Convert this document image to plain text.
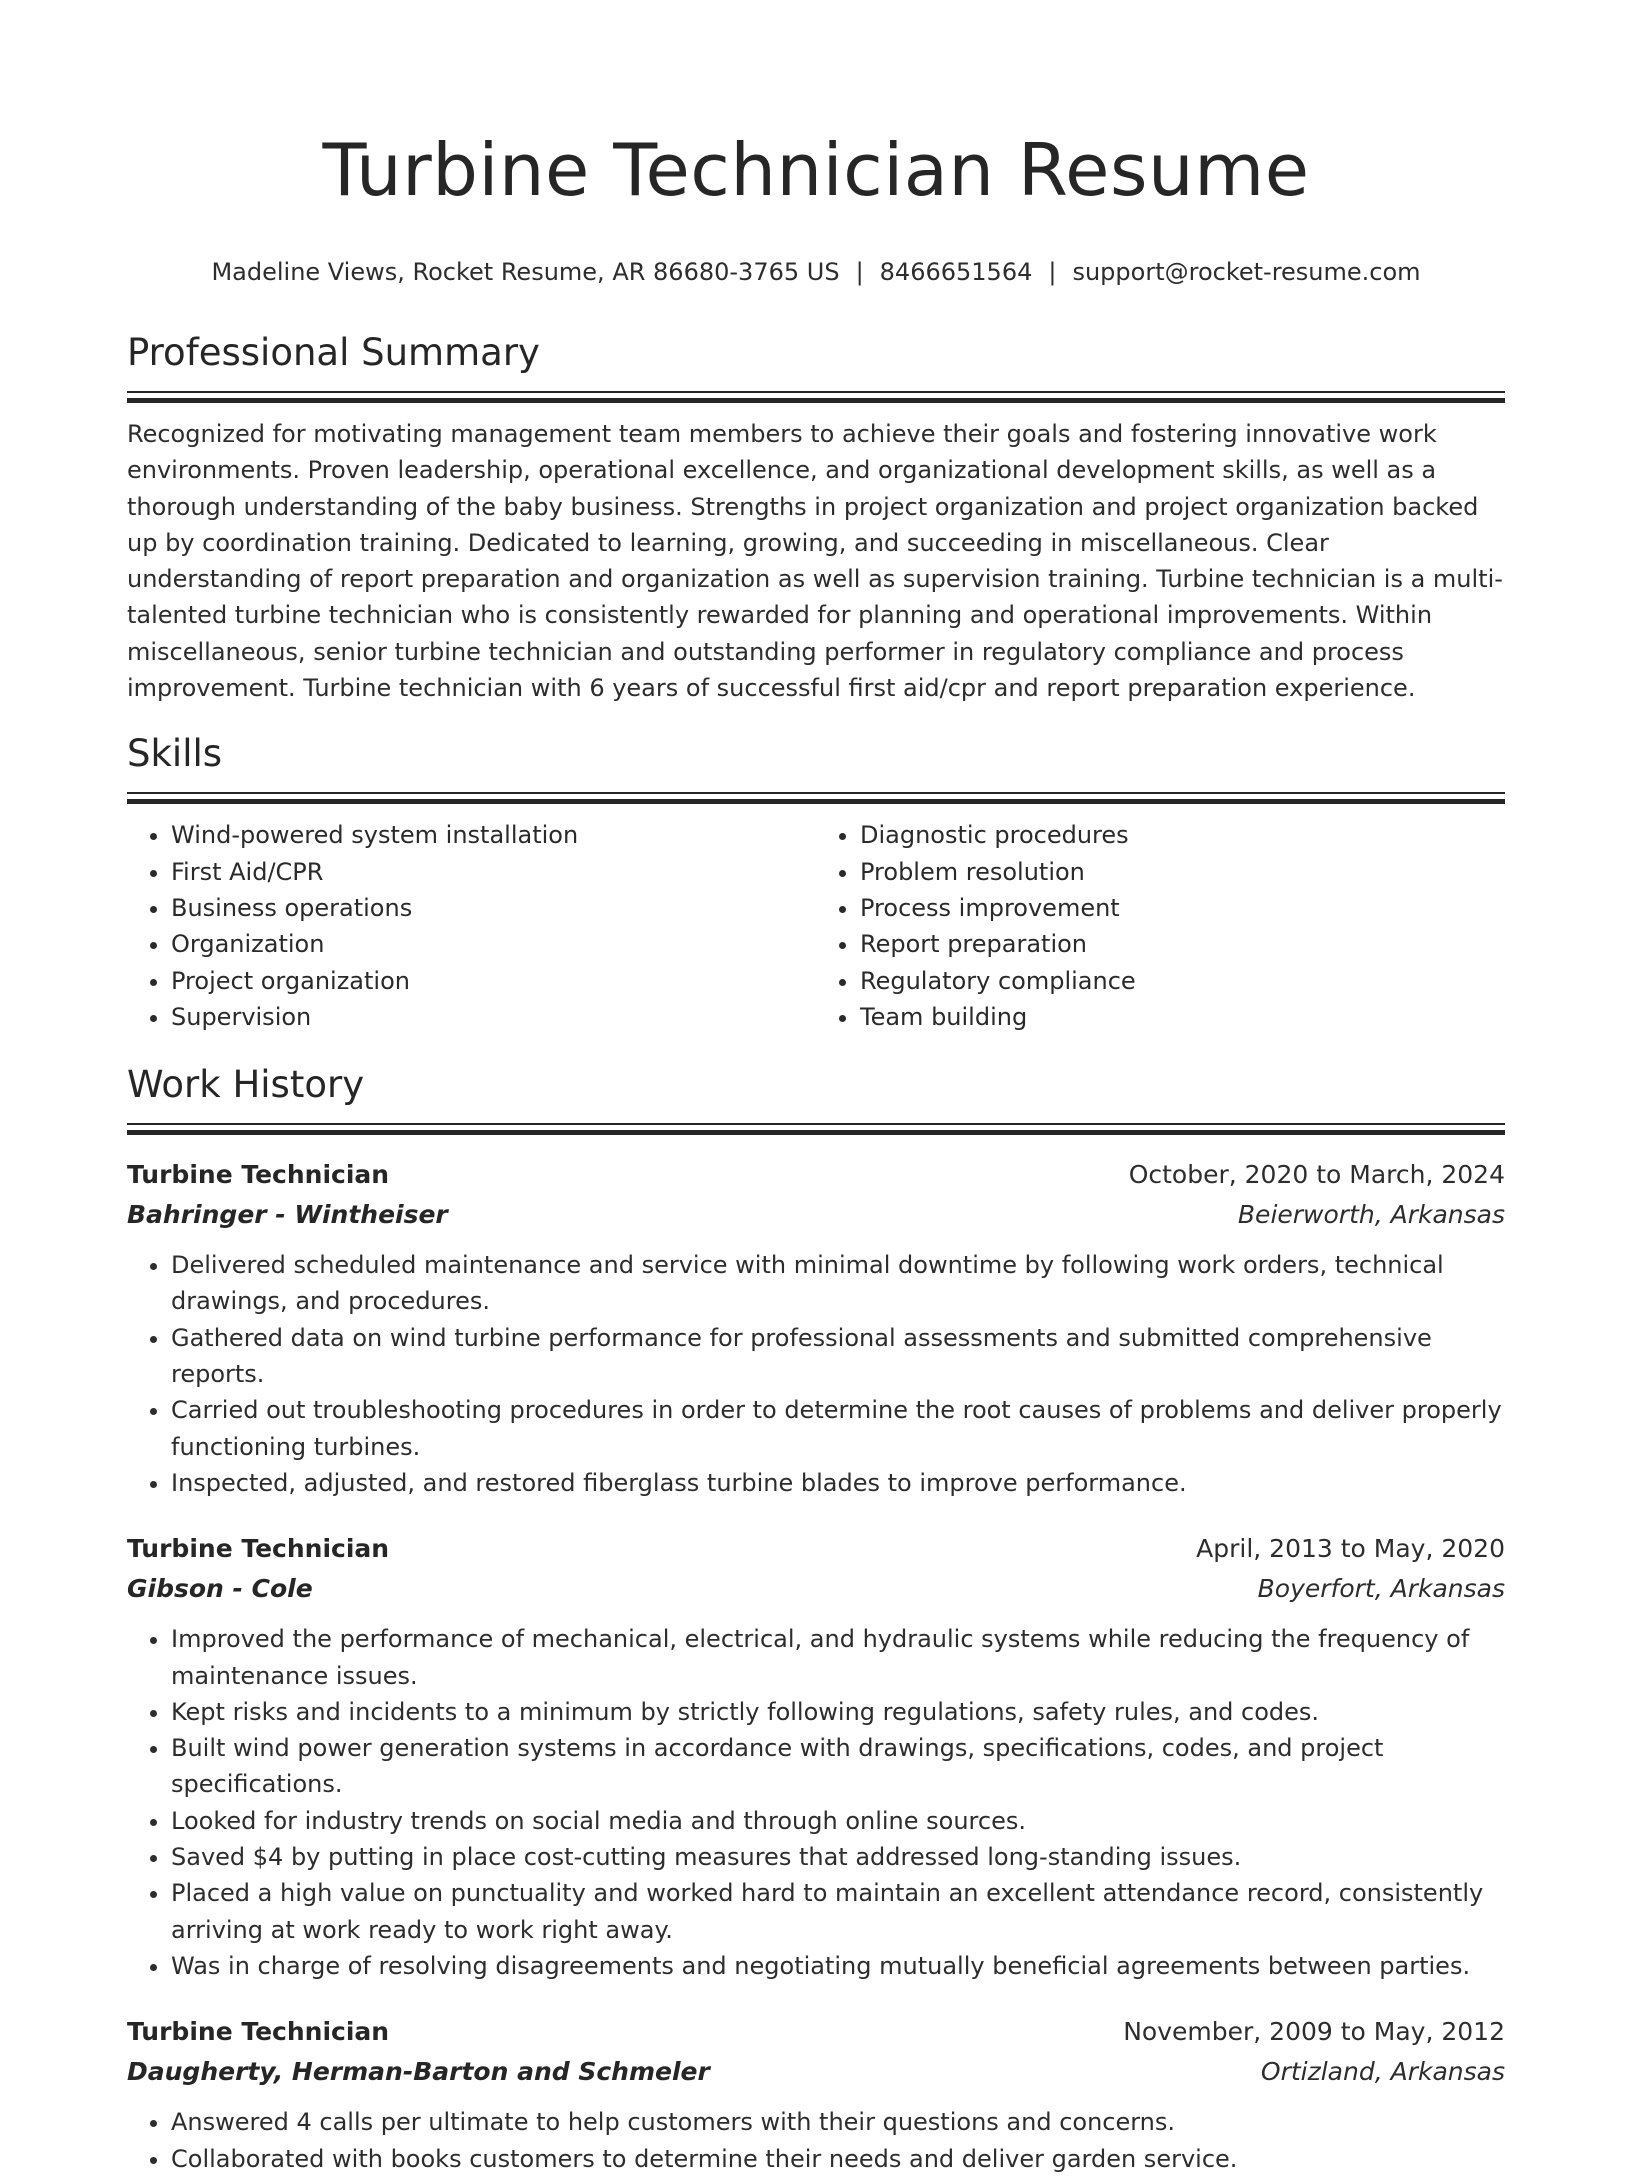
Turbine Technician Resume
Madeline Views, Rocket Resume, AR 86680-3765 US | 8466651564 | support@rocket-resume.com
Professional Summary

Recognized for motivating management team members to achieve their goals and fostering innovative work environments. Proven leadership, operational excellence, and organizational development skills, as well as a thorough understanding of the baby business. Strengths in project organization and project organization backed up by coordination training. Dedicated to learning, growing, and succeeding in miscellaneous. Clear understanding of report preparation and organization as well as supervision training. Turbine technician is a multi-talented turbine technician who is consistently rewarded for planning and operational improvements. Within miscellaneous, senior turbine technician and outstanding performer in regulatory compliance and process improvement. Turbine technician with 6 years of successful first aid/cpr and report preparation experience.

Skills
• Wind-powered system installation
• First Aid/CPR
• Business operations
• Organization
• Project organization
• Supervision
• Diagnostic procedures
• Problem resolution
• Process improvement
• Report preparation
• Regulatory compliance
• Team building
Work History
Turbine Technician	October, 2020 to March, 2024
Bahringer - Wintheiser	Beierworth, Arkansas
• Delivered scheduled maintenance and service with minimal downtime by following work orders, technical drawings, and procedures.
• Gathered data on wind turbine performance for professional assessments and submitted comprehensive reports.
• Carried out troubleshooting procedures in order to determine the root causes of problems and deliver properly functioning turbines.
• Inspected, adjusted, and restored fiberglass turbine blades to improve performance.
Turbine Technician	April, 2013 to May, 2020
Gibson - Cole	Boyerfort, Arkansas
• Improved the performance of mechanical, electrical, and hydraulic systems while reducing the frequency of maintenance issues.
• Kept risks and incidents to a minimum by strictly following regulations, safety rules, and codes.
• Built wind power generation systems in accordance with drawings, specifications, codes, and project specifications.
• Looked for industry trends on social media and through online sources.
• Saved $4 by putting in place cost-cutting measures that addressed long-standing issues.
• Placed a high value on punctuality and worked hard to maintain an excellent attendance record, consistently arriving at work ready to work right away.
• Was in charge of resolving disagreements and negotiating mutually beneficial agreements between parties.
Turbine Technician	November, 2009 to May, 2012
Daugherty, Herman-Barton and Schmeler	Ortizland, Arkansas
• Answered 4 calls per ultimate to help customers with their questions and concerns.
• Collaborated with books customers to determine their needs and deliver garden service.
